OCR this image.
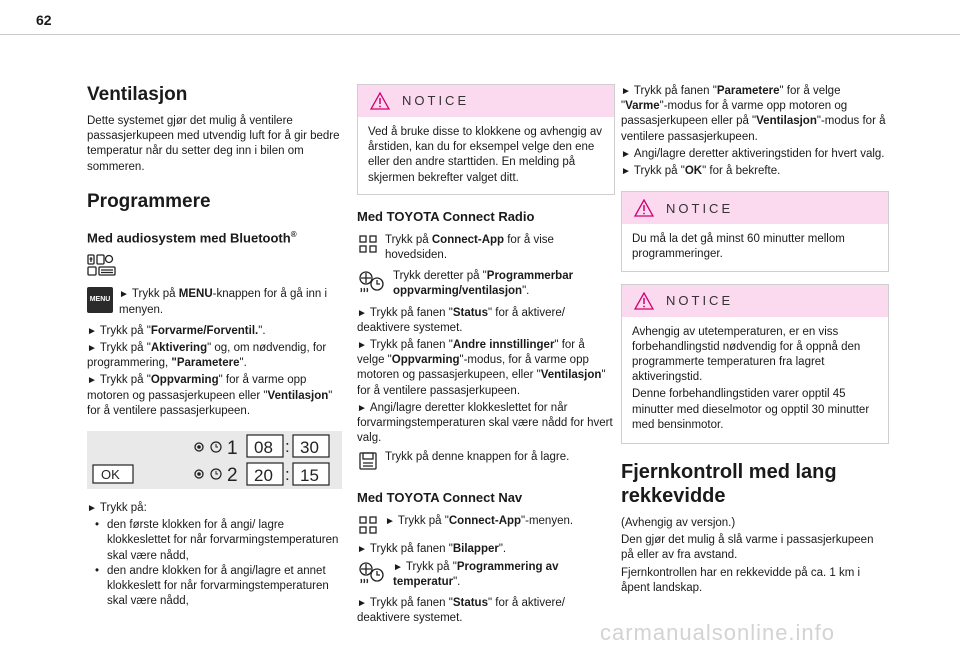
62
Ventilasjon

Dette systemet gjør det mulig å ventilere passasjerkupeen med utvendig luft for å gir bedre temperatur når du setter deg inn i bilen om sommeren.

Programmere
Med audiosystem med Bluetooth®
MENU ► Trykk på MENU-knappen for å gå inn i menyen.

► Trykk på "Forvarme/Forventil.".

► Trykk på "Aktivering" og, om nødvendig, for programmering, "Parametere".

► Trykk på "Oppvarming" for å varme opp motoren og passasjerkupeen eller "Ventilasjon" for å ventilere passasjerkupeen.

1 08 : 30
OK	2 20 : 15

► Trykk på:

• den første klokken for å angi/ lagre klokkeslettet for når forvarmingstemperaturen skal være nådd,
• den andre klokken for å angi/lagre et annet klokkeslett for når forvarmingstemperaturen skal være nådd,
NOTICE
Ved å bruke disse to klokkene og avhengig av årstiden, kan du for eksempel velge den ene eller den andre starttiden. En melding på skjermen bekrefter valget ditt.
Med TOYOTA Connect Radio

Trykk på Connect-App for å vise hovedsiden.

Trykk deretter på "Programmerbar oppvarming/ventilasjon".

► Trykk på fanen "Status" for å aktivere/ deaktivere systemet.

► Trykk på fanen "Andre innstillinger" for å velge "Oppvarming"-modus, for å varme opp motoren og passasjerkupeen, eller "Ventilasjon" for å ventilere passasjerkupeen.

► Angi/lagre deretter klokkeslettet for når forvarmingstemperaturen skal være nådd for hvert valg.

Trykk på denne knappen for å lagre.

Med TOYOTA Connect Nav

► Trykk på "Connect-App"-menyen.

► Trykk på fanen "Bilapper".

► Trykk på "Programmering av temperatur".

► Trykk på fanen "Status" for å aktivere/ deaktivere systemet.

► Trykk på fanen "Parametere" for å velge "Varme"-modus for å varme opp motoren og passasjerkupeen eller på "Ventilasjon"-modus for å ventilere passasjerkupeen.

► Angi/lagre deretter aktiveringstiden for hvert valg.

► Trykk på "OK" for å bekrefte.

NOTICE
Du må la det gå minst 60 minutter mellom programmeringer.
NOTICE

Avhengig av utetemperaturen, er en viss forbehandlingstid nødvendig for å oppnå den programmerte temperaturen fra lagret aktiveringstid.

Denne forbehandlingstiden varer opptil 45 minutter med dieselmotor og opptil 30 minutter med bensinmotor.

Fjernkontroll med lang rekkevidde

(Avhengig av versjon.)

Den gjør det mulig å slå varme i passasjerkupeen på eller av fra avstand.

Fjernkontrollen har en rekkevidde på ca. 1 km i åpent landskap.

carmanualsonline.info
